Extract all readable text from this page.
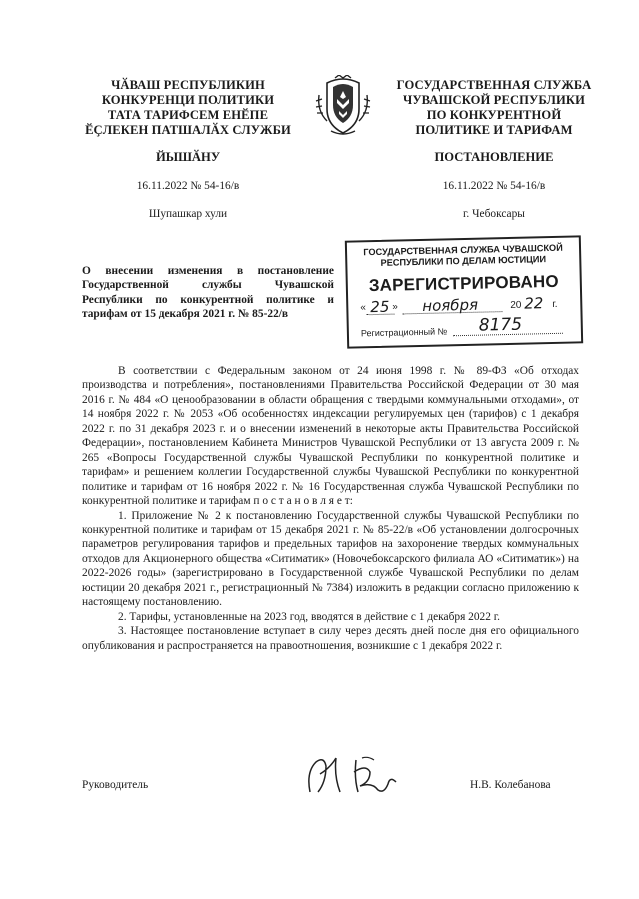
ЧӐВАШ РЕСПУБЛИКИН
КОНКУРЕНЦИ ПОЛИТИКИ
ТАТА ТАРИФСЕМ ЕНӖПЕ
ӖҪЛЕКЕН ПАТШАЛӐХ СЛУЖБИ
ГОСУДАРСТВЕННАЯ СЛУЖБА
ЧУВАШСКОЙ РЕСПУБЛИКИ
ПО КОНКУРЕНТНОЙ
ПОЛИТИКЕ И ТАРИФАМ
ЙЫШӐНУ	ПОСТАНОВЛЕНИЕ
16.11.2022 № 54-16/в	16.11.2022 № 54-16/в
Шупашкар хули	г. Чебоксары
О внесении изменения в постановление Государственной службы Чувашской Республики по конкурентной политике и тарифам от 15 декабря 2021 г. № 85-22/в
ГОСУДАРСТВЕННАЯ СЛУЖБА ЧУВАШСКОЙ РЕСПУБЛИКИ ПО ДЕЛАМ ЮСТИЦИИ
ЗАРЕГИСТРИРОВАНО
« 25 » ноября	20 22 г.
Регистрационный № 8175

В соответствии с Федеральным законом от 24 июня 1998 г. № 89-ФЗ «Об отходах производства и потребления», постановлениями Правительства Российской Федерации от 30 мая 2016 г. № 484 «О ценообразовании в области обращения с твердыми коммунальными отходами», от 14 ноября 2022 г. № 2053 «Об особенностях индексации регулируемых цен (тарифов) с 1 декабря 2022 г. по 31 декабря 2023 г. и о внесении изменений в некоторые акты Правительства Российской Федерации», постановлением Кабинета Министров Чувашской Республики от 13 августа 2009 г. № 265 «Вопросы Государственной службы Чувашской Республики по конкурентной политике и тарифам» и решением коллегии Государственной службы Чувашской Республики по конкурентной политике и тарифам от 16 ноября 2022 г. № 16 Государственная служба Чувашской Республики по конкурентной политике и тарифам п о с т а н о в л я е т:

1. Приложение № 2 к постановлению Государственной службы Чувашской Республики по конкурентной политике и тарифам от 15 декабря 2021 г. № 85-22/в «Об установлении долгосрочных параметров регулирования тарифов и предельных тарифов на захоронение твердых коммунальных отходов для Акционерного общества «Ситиматик» (Новочебоксарского филиала АО «Ситиматик») на 2022-2026 годы» (зарегистрировано в Государственной службе Чувашской Республики по делам юстиции 20 декабря 2021 г., регистрационный № 7384) изложить в редакции согласно приложению к настоящему постановлению.

2. Тарифы, установленные на 2023 год, вводятся в действие с 1 декабря 2022 г.

3. Настоящее постановление вступает в силу через десять дней после дня его официального опубликования и распространяется на правоотношения, возникшие с 1 декабря 2022 г.

Руководитель	Н.В. Колебанова
